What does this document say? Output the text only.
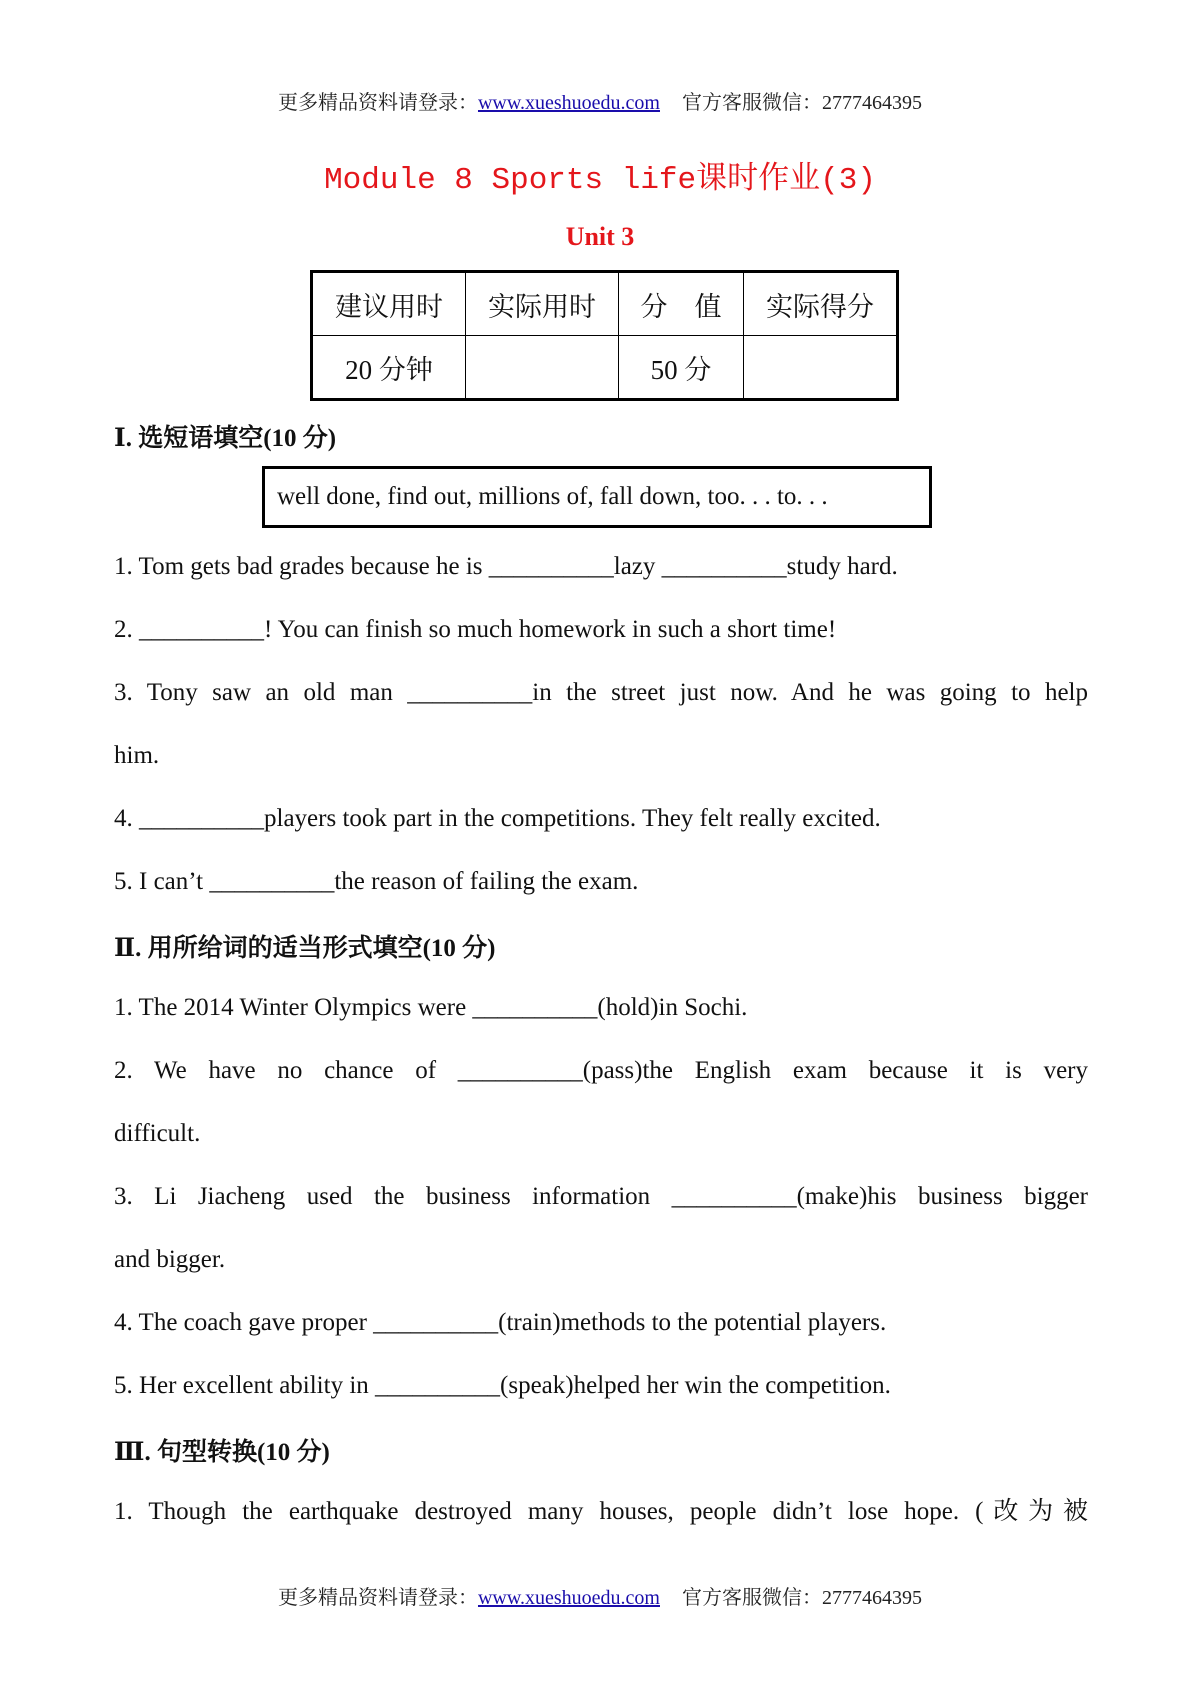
更多精品资料请登录：www.xueshuoedu.com 官方客服微信：2777464395
Module 8 Sports life课时作业(3)
Unit 3
建议用时	实际用时	分　值	实际得分
20 分钟		50 分	
Ⅰ. 选短语填空(10 分)
well done, find out, millions of, fall down, too. . . to. . .
1. Tom gets bad grades because he is __________lazy __________study hard.
2. __________! You can finish so much homework in such a short time!
3. Tony saw an old man __________in the street just now. And he was going to help
him.
4. __________players took part in the competitions. They felt really excited.
5. I can’t __________the reason of failing the exam.
Ⅱ. 用所给词的适当形式填空(10 分)
1. The 2014 Winter Olympics were __________(hold)in Sochi.
2. We have no chance of __________(pass)the English exam because it is very
difficult.
3. Li Jiacheng used the business information __________(make)his business bigger
and bigger.
4. The coach gave proper __________(train)methods to the potential players.
5. Her excellent ability in __________(speak)helped her win the competition.
Ⅲ. 句型转换(10 分)
1. Though the earthquake destroyed many houses, people didn’t lose hope. (改为被
更多精品资料请登录：www.xueshuoedu.com 官方客服微信：2777464395
